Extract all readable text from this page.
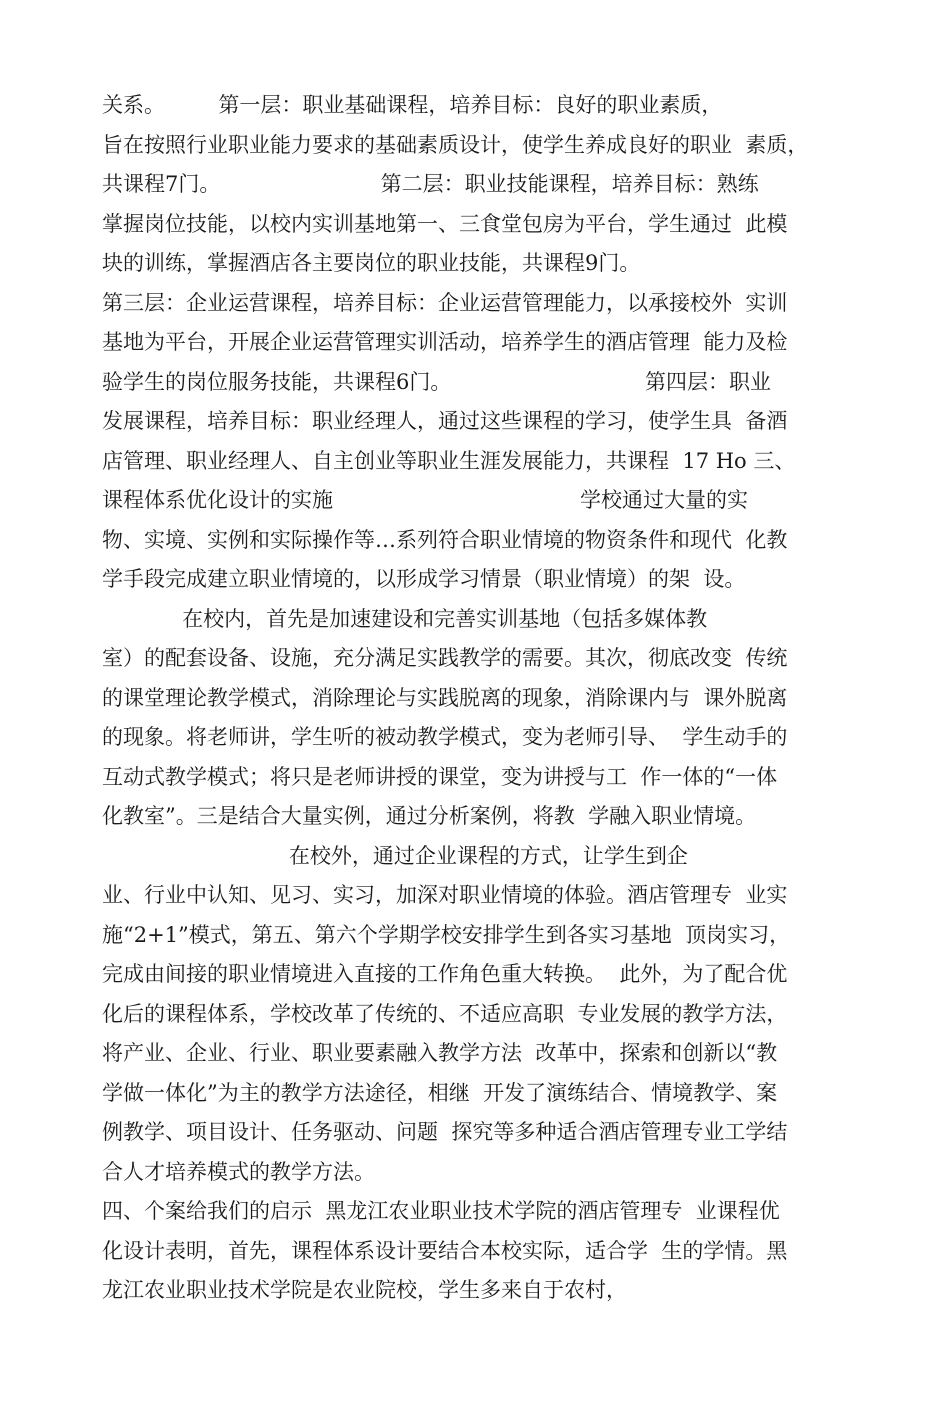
关系。        第一层：职业基础课程，培养目标：良好的职业素质，
旨在按照行业职业能力要求的基础素质设计，使学生养成良好的职业  素质，
共课程7门。                        第二层：职业技能课程，培养目标：熟练
掌握岗位技能，以校内实训基地第一、三食堂包房为平台，学生通过  此模
块的训练，掌握酒店各主要岗位的职业技能，共课程9门。
第三层：企业运营课程，培养目标：企业运营管理能力，以承接校外  实训
基地为平台，开展企业运营管理实训活动，培养学生的酒店管理  能力及检
验学生的岗位服务技能，共课程6门。                             第四层：职业
发展课程，培养目标：职业经理人，通过这些课程的学习，使学生具  备酒
店管理、职业经理人、自主创业等职业生涯发展能力，共课程  17 Ho 三、
课程体系优化设计的实施                                     学校通过大量的实
物、实境、实例和实际操作等…系列符合职业情境的物资条件和现代  化教
学手段完成建立职业情境的，以形成学习情景（职业情境）的架  设。
在校内，首先是加速建设和完善实训基地（包括多媒体教
室）的配套设备、设施，充分满足实践教学的需要。其次，彻底改变  传统
的课堂理论教学模式，消除理论与实践脱离的现象，消除课内与  课外脱离
的现象。将老师讲，学生听的被动教学模式，变为老师引导、  学生动手的
互动式教学模式；将只是老师讲授的课堂，变为讲授与工  作一体的“一体
化教室”。三是结合大量实例，通过分析案例，将教  学融入职业情境。
在校外，通过企业课程的方式，让学生到企
业、行业中认知、见习、实习，加深对职业情境的体验。酒店管理专  业实
施“2+1”模式，第五、第六个学期学校安排学生到各实习基地  顶岗实习，
完成由间接的职业情境进入直接的工作角色重大转换。  此外，为了配合优
化后的课程体系，学校改革了传统的、不适应高职  专业发展的教学方法，
将产业、企业、行业、职业要素融入教学方法  改革中，探索和创新以“教
学做一体化”为主的教学方法途径，相继  开发了演练结合、情境教学、案
例教学、项目设计、任务驱动、问题  探究等多种适合酒店管理专业工学结
合人才培养模式的教学方法。
四、个案给我们的启示  黑龙江农业职业技术学院的酒店管理专  业课程优
化设计表明，首先，课程体系设计要结合本校实际，适合学  生的学情。黑
龙江农业职业技术学院是农业院校，学生多来自于农村，
